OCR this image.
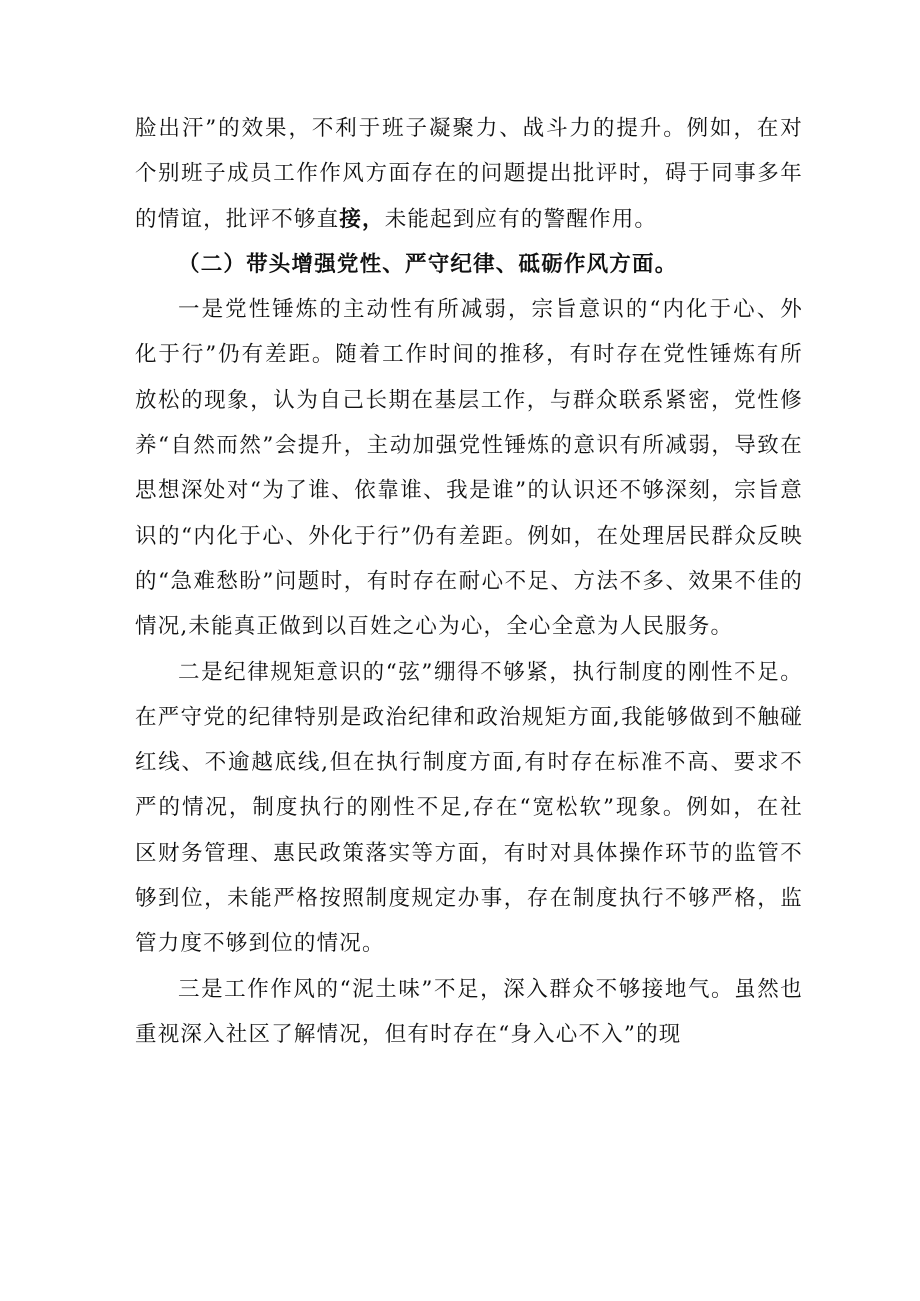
脸出汗”的效果，不利于班子凝聚力、战斗力的提升。例如，在对个别班子成员工作作风方面存在的问题提出批评时，碍于同事多年的情谊，批评不够直接，未能起到应有的警醒作用。

（二）带头增强党性、严守纪律、砥砺作风方面。

一是党性锤炼的主动性有所减弱，宗旨意识的“内化于心、外化于行”仍有差距。随着工作时间的推移，有时存在党性锤炼有所放松的现象，认为自己长期在基层工作，与群众联系紧密，党性修养“自然而然”会提升，主动加强党性锤炼的意识有所减弱，导致在思想深处对“为了谁、依靠谁、我是谁”的认识还不够深刻，宗旨意识的“内化于心、外化于行”仍有差距。例如，在处理居民群众反映的“急难愁盼”问题时，有时存在耐心不足、方法不多、效果不佳的情况,未能真正做到以百姓之心为心，全心全意为人民服务。

二是纪律规矩意识的“弦”绷得不够紧，执行制度的刚性不足。在严守党的纪律特别是政治纪律和政治规矩方面,我能够做到不触碰红线、不逾越底线,但在执行制度方面,有时存在标准不高、要求不严的情况，制度执行的刚性不足,存在“宽松软”现象。例如，在社区财务管理、惠民政策落实等方面，有时对具体操作环节的监管不够到位，未能严格按照制度规定办事，存在制度执行不够严格，监管力度不够到位的情况。

三是工作作风的“泥土味”不足，深入群众不够接地气。虽然也重视深入社区了解情况，但有时存在“身入心不入”的现
